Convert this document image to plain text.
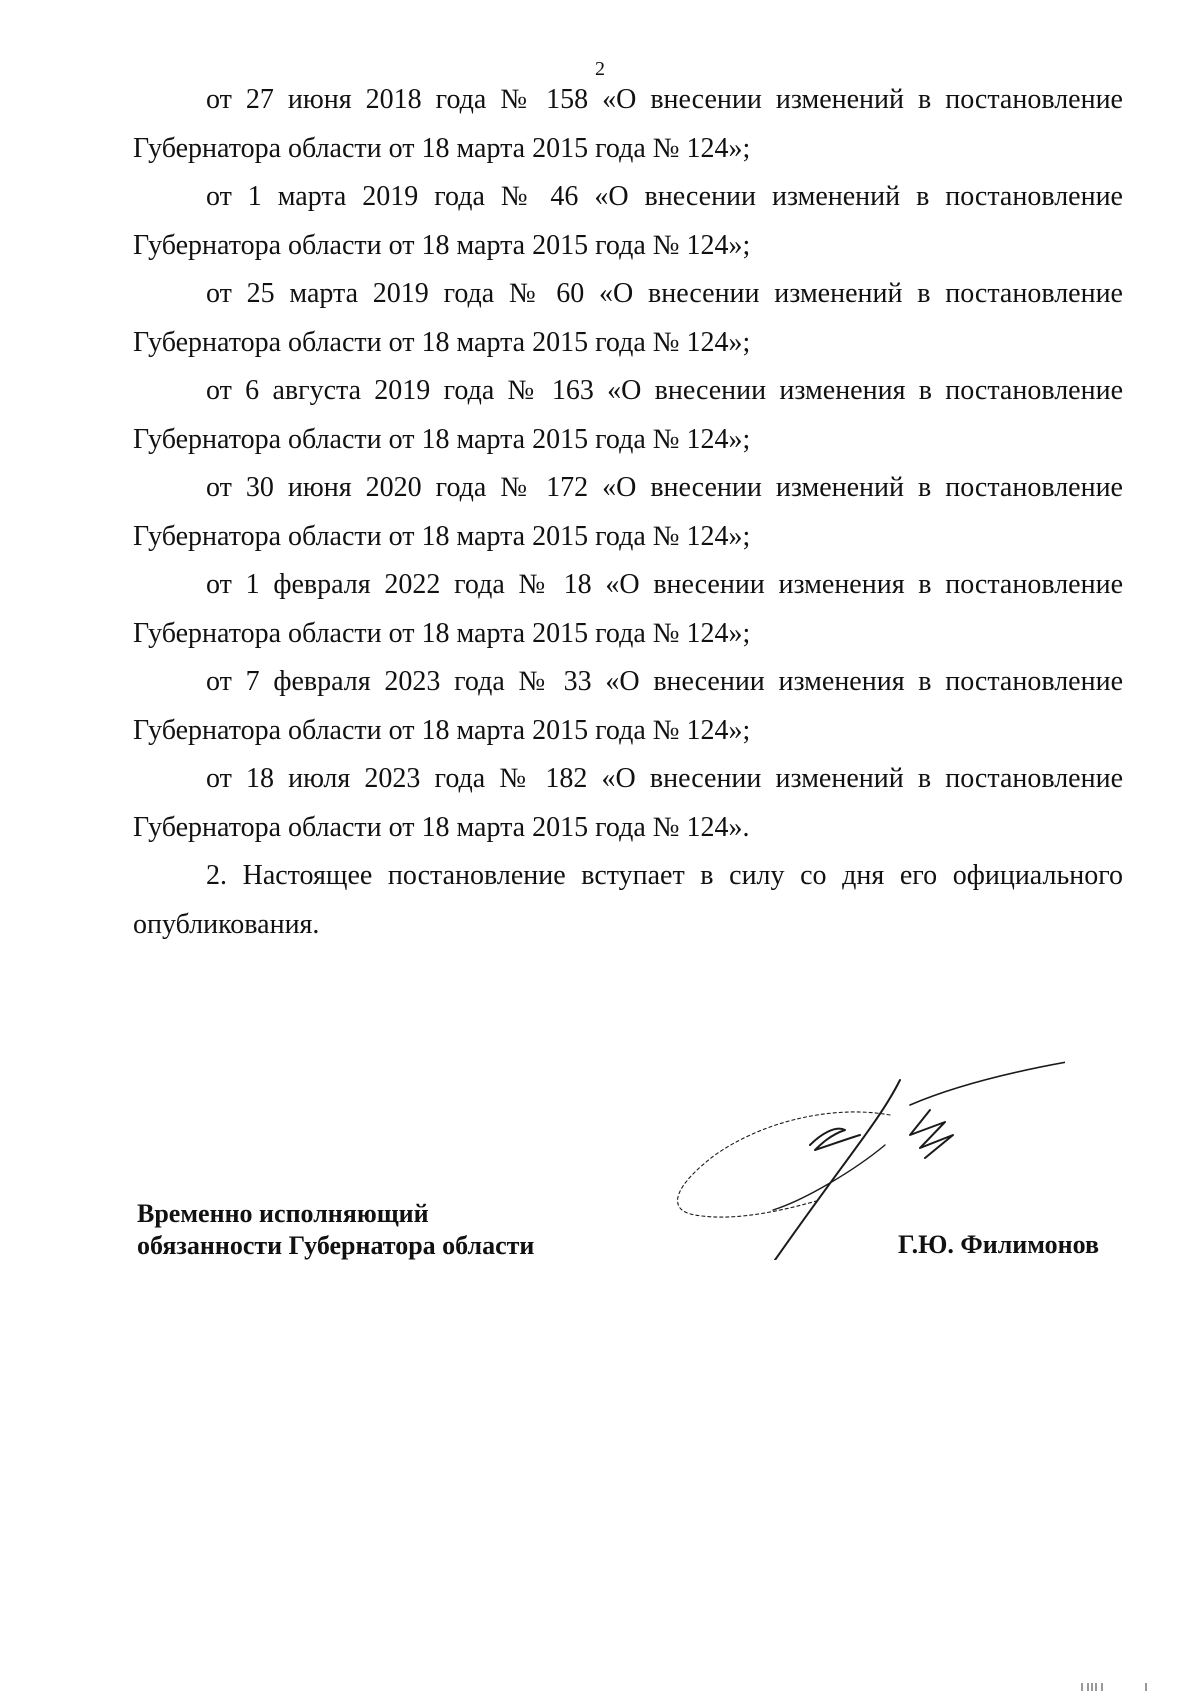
2

от 27 июня 2018 года № 158 «О внесении изменений в постановление
Губернатора области от 18 марта 2015 года № 124»;

от 1 марта 2019 года № 46 «О внесении изменений в постановление
Губернатора области от 18 марта 2015 года № 124»;

от 25 марта 2019 года № 60 «О внесении изменений в постановление
Губернатора области от 18 марта 2015 года № 124»;

от 6 августа 2019 года № 163 «О внесении изменения в постановление
Губернатора области от 18 марта 2015 года № 124»;

от 30 июня 2020 года № 172 «О внесении изменений в постановление
Губернатора области от 18 марта 2015 года № 124»;

от 1 февраля 2022 года № 18 «О внесении изменения в постановление
Губернатора области от 18 марта 2015 года № 124»;

от 7 февраля 2023 года № 33 «О внесении изменения в постановление
Губернатора области от 18 марта 2015 года № 124»;

от 18 июля 2023 года № 182 «О внесении изменений в постановление
Губернатора области от 18 марта 2015 года № 124».

2. Настоящее постановление вступает в силу со дня его официального
опубликования.

Временно исполняющий
обязанности Губернатора области	Г.Ю. Филимонов
